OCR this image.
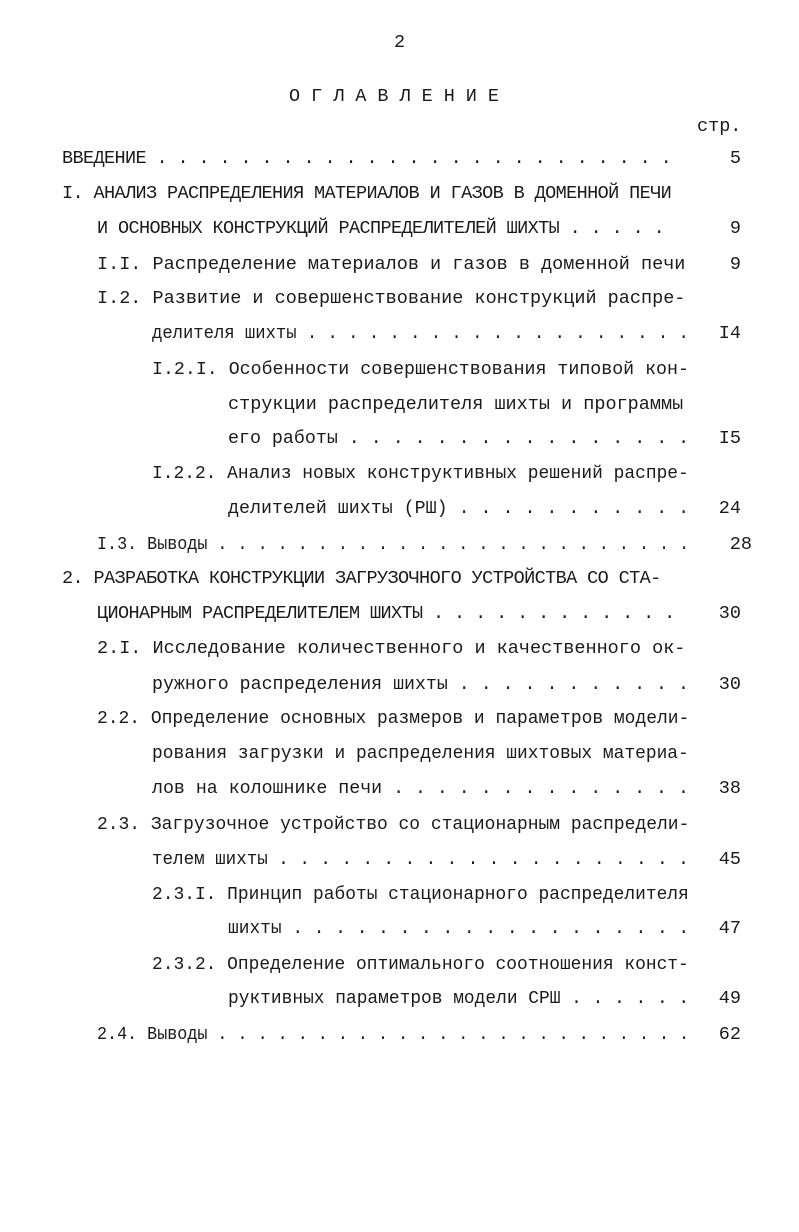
2
ОГЛАВЛЕНИЕ
стр.
ВВЕДЕНИЕ . . . . . . . . . . . . . . . . . . . . . . . . .	5
I. АНАЛИЗ РАСПРЕДЕЛЕНИЯ МАТЕРИАЛОВ И ГАЗОВ В ДОМЕННОЙ ПЕЧИ
И ОСНОВНЫХ КОНСТРУКЦИЙ РАСПРЕДЕЛИТЕЛЕЙ ШИХТЫ . . . . .	9
I.I. Распределение материалов и газов в доменной печи 9
I.2. Развитие и совершенствование конструкций распре-
делителя шихты . . . . . . . . . . . . . . . . . . . I4
I.2.I. Особенности совершенствования типовой кон-
струкции распределителя шихты и программы
его работы . . . . . . . . . . . . . . . . I5
I.2.2. Анализ новых конструктивных решений распре-
делителей шихты (РШ) . . . . . . . . . . . 24
I.3. Выводы . . . . . . . . . . . . . . . . . . . . . . . . 28
2. РАЗРАБОТКА КОНСТРУКЦИИ ЗАГРУЗОЧНОГО УСТРОЙСТВА СО СТА-
ЦИОНАРНЫМ РАСПРЕДЕЛИТЕЛЕМ ШИХТЫ . . . . . . . . . . . . 30
2.I. Исследование количественного и качественного ок-
ружного распределения шихты . . . . . . . . . . . 30
2.2. Определение основных размеров и параметров модели-
рования загрузки и распределения шихтовых материа-
лов на колошнике печи . . . . . . . . . . . . . . 38
2.3. Загрузочное устройство со стационарным распредели-
телем шихты . . . . . . . . . . . . . . . . . . . . 45
2.3.I. Принцип работы стационарного распределителя
шихты . . . . . . . . . . . . . . . . . . . 47
2.3.2. Определение оптимального соотношения конст-
руктивных параметров модели СРШ . . . . . . 49
2.4. Выводы . . . . . . . . . . . . . . . . . . . . . . . . 62
